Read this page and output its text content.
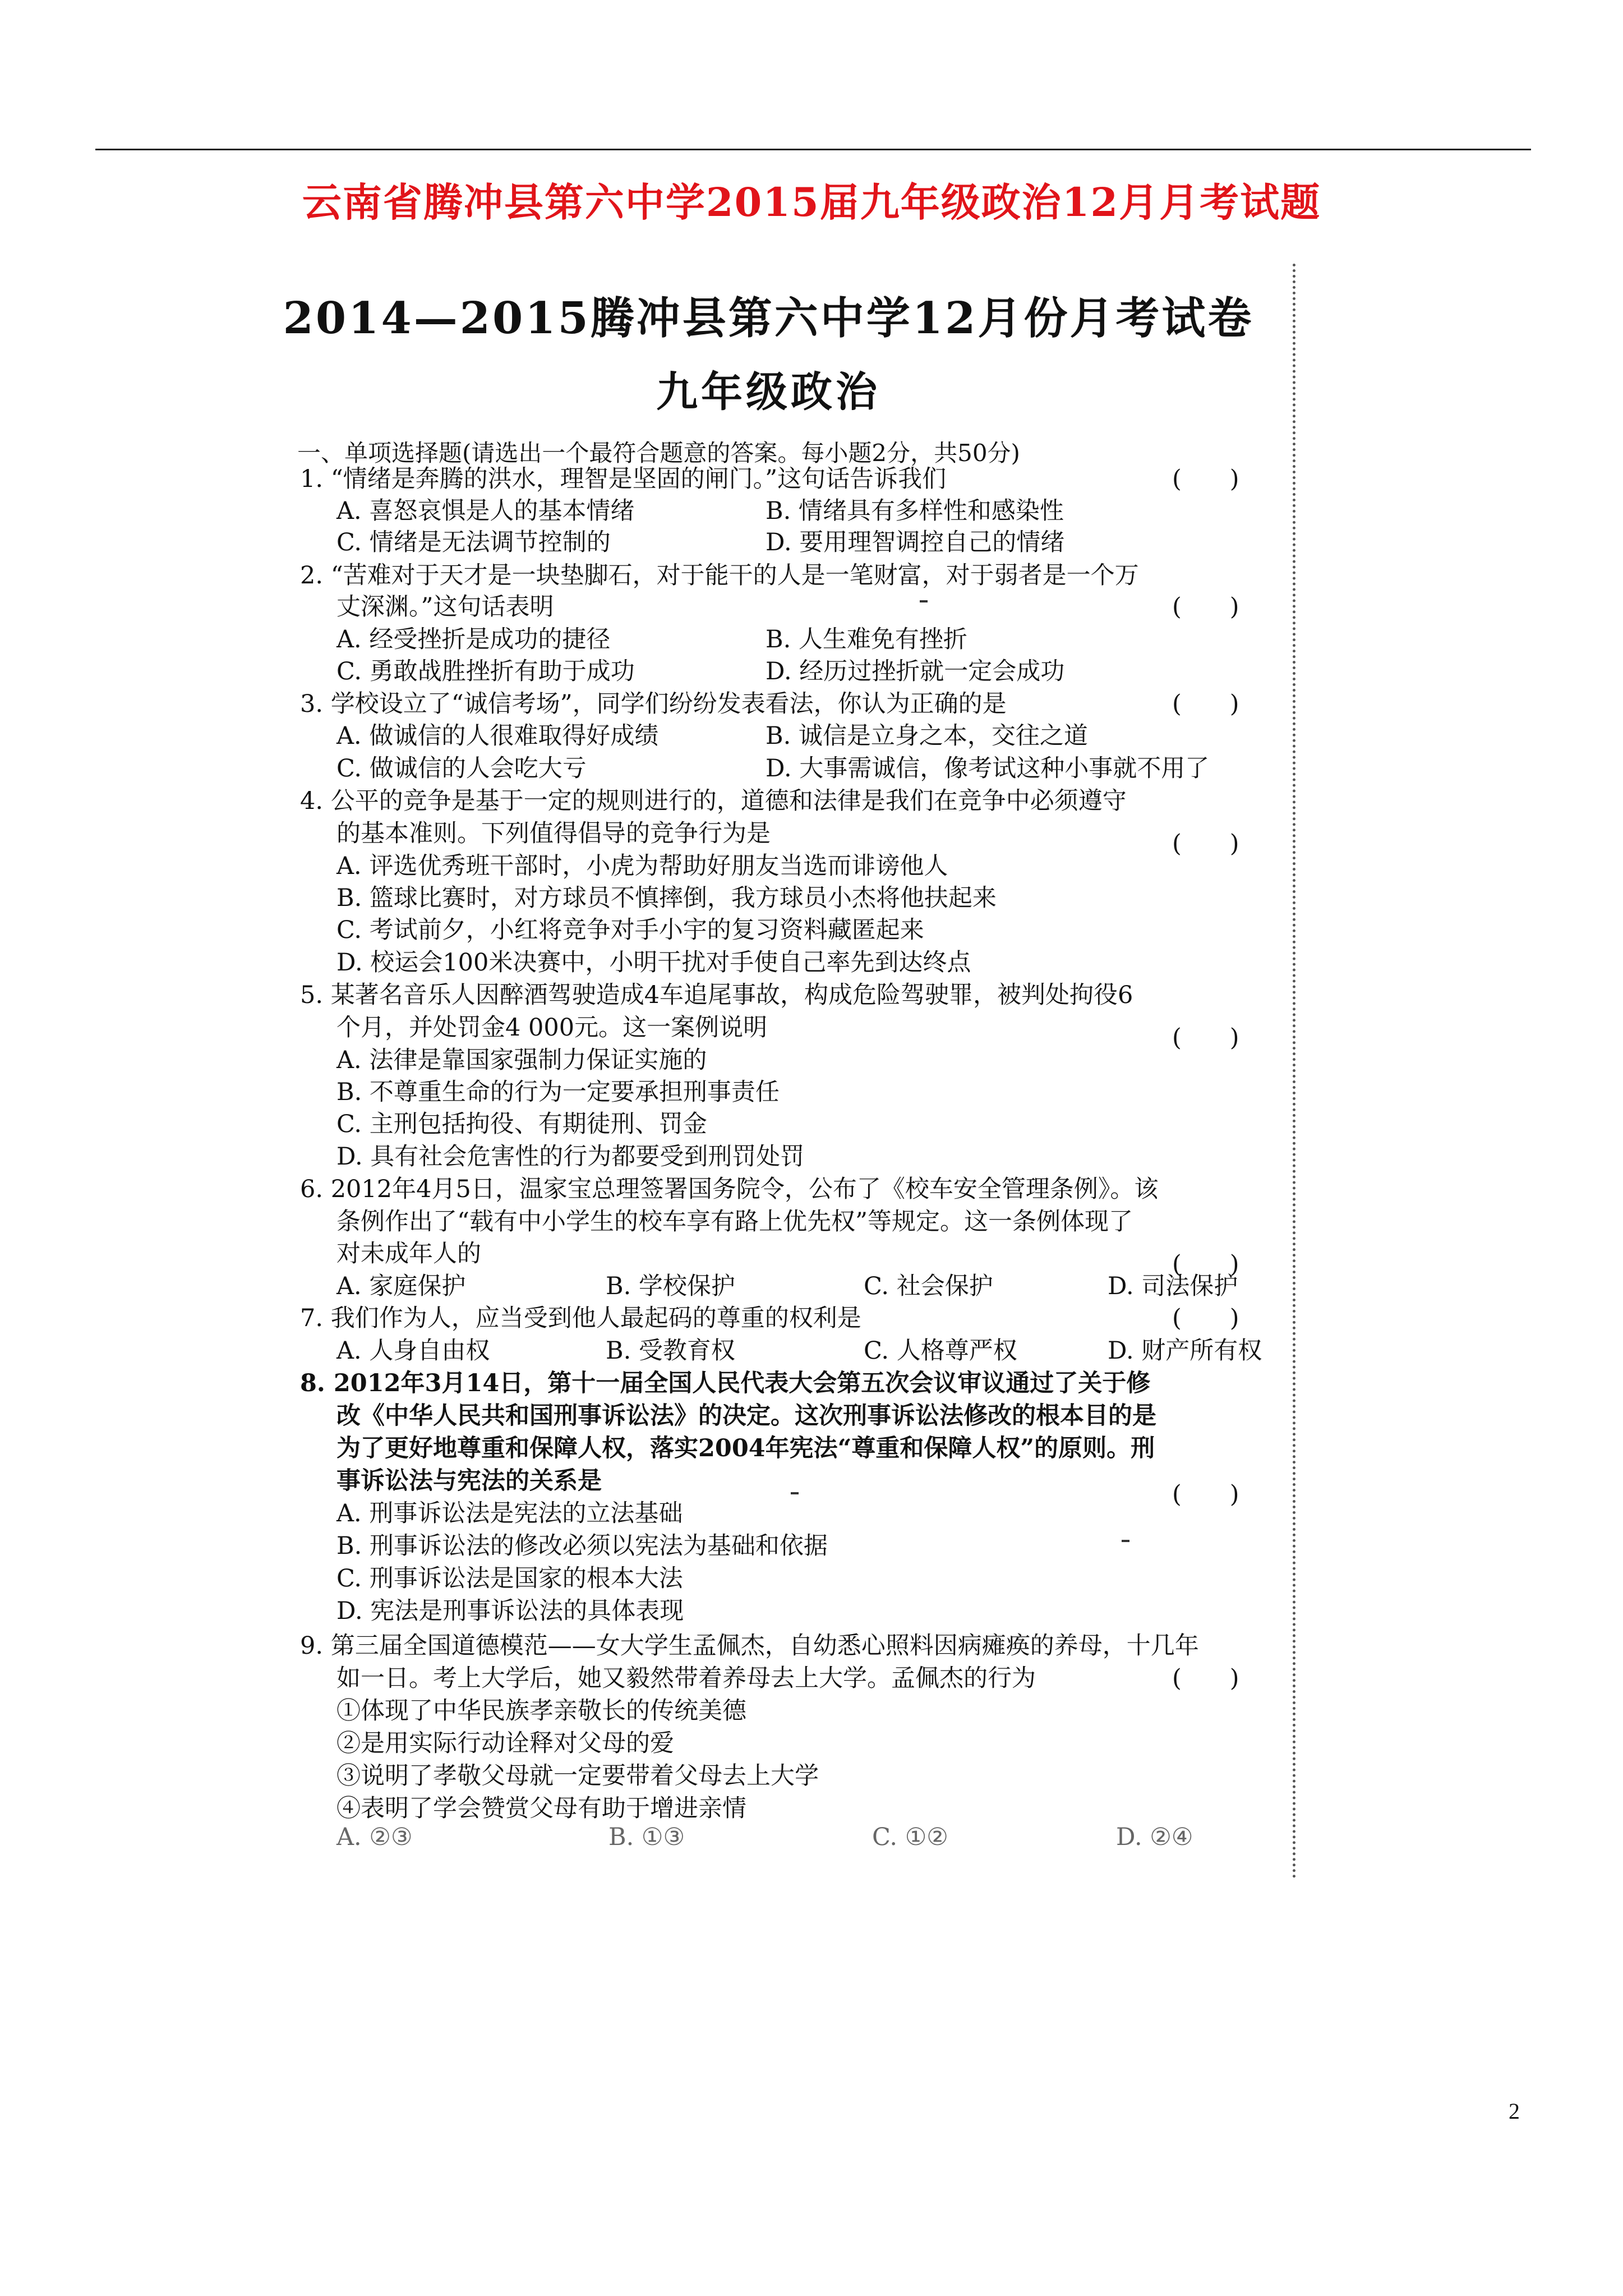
云南省腾冲县第六中学2015届九年级政治12月月考试题
2014—2015腾冲县第六中学12月份月考试卷
九年级政治
一、单项选择题(请选出一个最符合题意的答案。每小题2分，共50分)
1. “情绪是奔腾的洪水，理智是坚固的闸门。”这句话告诉我们	(　　)
A. 喜怒哀惧是人的基本情绪	B. 情绪具有多样性和感染性
C. 情绪是无法调节控制的	D. 要用理智调控自己的情绪
2. “苦难对于天才是一块垫脚石，对于能干的人是一笔财富，对于弱者是一个万
丈深渊。”这句话表明	(　　)
A. 经受挫折是成功的捷径	B. 人生难免有挫折
C. 勇敢战胜挫折有助于成功	D. 经历过挫折就一定会成功
3. 学校设立了“诚信考场”，同学们纷纷发表看法，你认为正确的是	(　　)
A. 做诚信的人很难取得好成绩	B. 诚信是立身之本，交往之道
C. 做诚信的人会吃大亏	D. 大事需诚信，像考试这种小事就不用了
4. 公平的竞争是基于一定的规则进行的，道德和法律是我们在竞争中必须遵守
的基本准则。下列值得倡导的竞争行为是	(　　)
A. 评选优秀班干部时，小虎为帮助好朋友当选而诽谤他人
B. 篮球比赛时，对方球员不慎摔倒，我方球员小杰将他扶起来
C. 考试前夕，小红将竞争对手小宇的复习资料藏匿起来
D. 校运会100米决赛中，小明干扰对手使自己率先到达终点
5. 某著名音乐人因醉酒驾驶造成4车追尾事故，构成危险驾驶罪，被判处拘役6
个月，并处罚金4 000元。这一案例说明	(　　)
A. 法律是靠国家强制力保证实施的
B. 不尊重生命的行为一定要承担刑事责任
C. 主刑包括拘役、有期徒刑、罚金
D. 具有社会危害性的行为都要受到刑罚处罚
6. 2012年4月5日，温家宝总理签署国务院令，公布了《校车安全管理条例》。该
条例作出了“载有中小学生的校车享有路上优先权”等规定。这一条例体现了
对未成年人的	(　　)
A. 家庭保护	B. 学校保护	C. 社会保护	D. 司法保护
7. 我们作为人，应当受到他人最起码的尊重的权利是	(　　)
A. 人身自由权	B. 受教育权	C. 人格尊严权	D. 财产所有权
8. 2012年3月14日，第十一届全国人民代表大会第五次会议审议通过了关于修
改《中华人民共和国刑事诉讼法》的决定。这次刑事诉讼法修改的根本目的是
为了更好地尊重和保障人权，落实2004年宪法“尊重和保障人权”的原则。刑
事诉讼法与宪法的关系是	(　　)
A. 刑事诉讼法是宪法的立法基础
B. 刑事诉讼法的修改必须以宪法为基础和依据
C. 刑事诉讼法是国家的根本大法
D. 宪法是刑事诉讼法的具体表现
9. 第三届全国道德模范——女大学生孟佩杰，自幼悉心照料因病瘫痪的养母，十几年
如一日。考上大学后，她又毅然带着养母去上大学。孟佩杰的行为	(　　)
①体现了中华民族孝亲敬长的传统美德
②是用实际行动诠释对父母的爱
③说明了孝敬父母就一定要带着父母去上大学
④表明了学会赞赏父母有助于增进亲情
A. ②③	B. ①③	C. ①②	D. ②④
2
